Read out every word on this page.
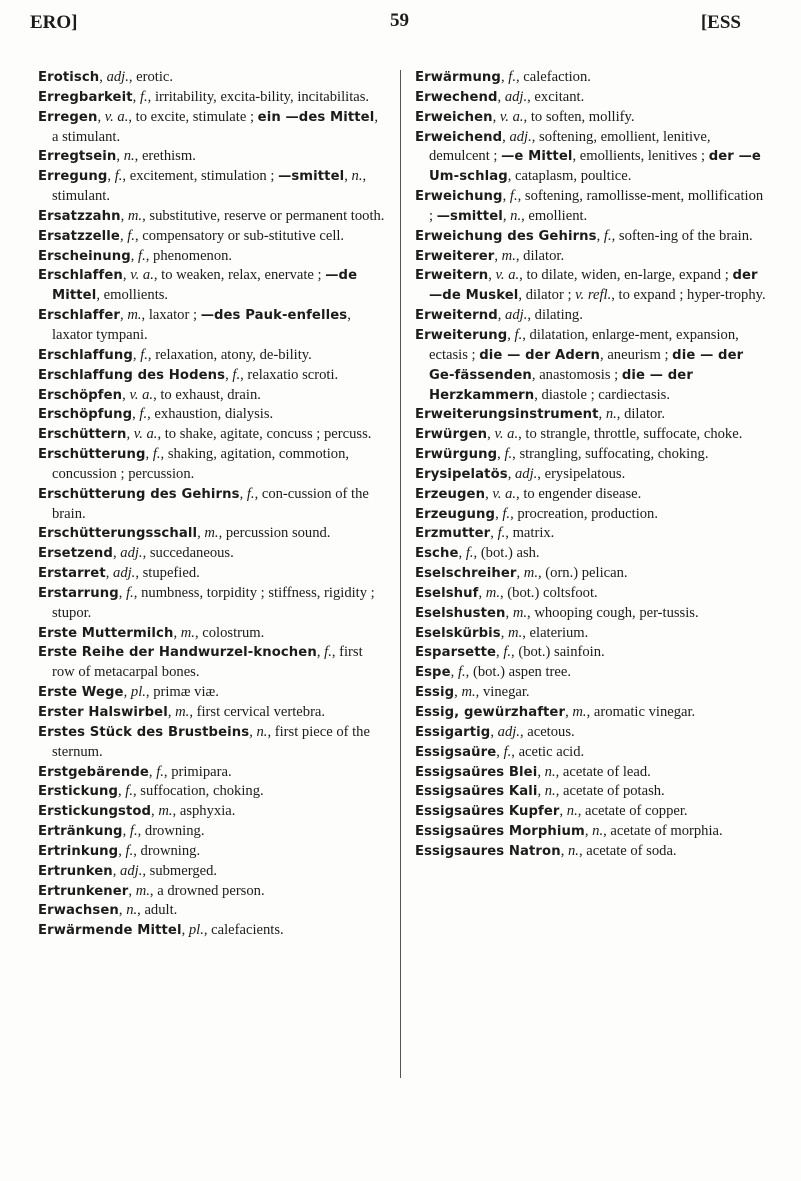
ERO]	59	[ESS

Erotisch, adj., erotic.

Erregbarkeit, f., irritability, excita-bility, incitabilitas.

Erregen, v. a., to excite, stimulate ; ein —des Mittel, a stimulant.

Erregtsein, n., erethism.

Erregung, f., excitement, stimulation ; —smittel, n., stimulant.

Ersatzzahn, m., substitutive, reserve or permanent tooth.

Ersatzzelle, f., compensatory or sub-stitutive cell.

Erscheinung, f., phenomenon.

Erschlaffen, v. a., to weaken, relax, enervate ; —de Mittel, emollients.

Erschlaffer, m., laxator ; —des Pauk-enfelles, laxator tympani.

Erschlaffung, f., relaxation, atony, de-bility.

Erschlaffung des Hodens, f., relaxatio scroti.

Erschöpfen, v. a., to exhaust, drain.

Erschöpfung, f., exhaustion, dialysis.

Erschüttern, v. a., to shake, agitate, concuss ; percuss.

Erschütterung, f., shaking, agitation, commotion, concussion ; percussion.

Erschütterung des Gehirns, f., con-cussion of the brain.

Erschütterungsschall, m., percussion sound.

Ersetzend, adj., succedaneous.

Erstarret, adj., stupefied.

Erstarrung, f., numbness, torpidity ; stiffness, rigidity ; stupor.

Erste Muttermilch, m., colostrum.

Erste Reihe der Handwurzel-knochen, f., first row of metacarpal bones.

Erste Wege, pl., primæ viæ.

Erster Halswirbel, m., first cervical vertebra.

Erstes Stück des Brustbeins, n., first piece of the sternum.

Erstgebärende, f., primipara.

Erstickung, f., suffocation, choking.

Erstickungstod, m., asphyxia.

Ertränkung, f., drowning.

Ertrinkung, f., drowning.

Ertrunken, adj., submerged.

Ertrunkener, m., a drowned person.

Erwachsen, n., adult.

Erwärmende Mittel, pl., calefacients.

Erwärmung, f., calefaction.

Erwechend, adj., excitant.

Erweichen, v. a., to soften, mollify.

Erweichend, adj., softening, emollient, lenitive, demulcent ; —e Mittel, emollients, lenitives ; der —e Um-schlag, cataplasm, poultice.

Erweichung, f., softening, ramollisse-ment, mollification ; —smittel, n., emollient.

Erweichung des Gehirns, f., soften-ing of the brain.

Erweiterer, m., dilator.

Erweitern, v. a., to dilate, widen, en-large, expand ; der —de Muskel, dilator ; v. refl., to expand ; hyper-trophy.

Erweiternd, adj., dilating.

Erweiterung, f., dilatation, enlarge-ment, expansion, ectasis ; die — der Adern, aneurism ; die — der Ge-fässenden, anastomosis ; die — der Herzkammern, diastole ; cardiectasis.

Erweiterungsinstrument, n., dilator.

Erwürgen, v. a., to strangle, throttle, suffocate, choke.

Erwürgung, f., strangling, suffocating, choking.

Erysipelatös, adj., erysipelatous.

Erzeugen, v. a., to engender disease.

Erzeugung, f., procreation, production.

Erzmutter, f., matrix.

Esche, f., (bot.) ash.

Eselschreiher, m., (orn.) pelican.

Eselshuf, m., (bot.) coltsfoot.

Eselshusten, m., whooping cough, per-tussis.

Eselskürbis, m., elaterium.

Esparsette, f., (bot.) sainfoin.

Espe, f., (bot.) aspen tree.

Essig, m., vinegar.

Essig, gewürzhafter, m., aromatic vinegar.

Essigartig, adj., acetous.

Essigsaüre, f., acetic acid.

Essigsaüres Blei, n., acetate of lead.

Essigsaüres Kali, n., acetate of potash.

Essigsaüres Kupfer, n., acetate of copper.

Essigsaüres Morphium, n., acetate of morphia.

Essigsaures Natron, n., acetate of soda.
